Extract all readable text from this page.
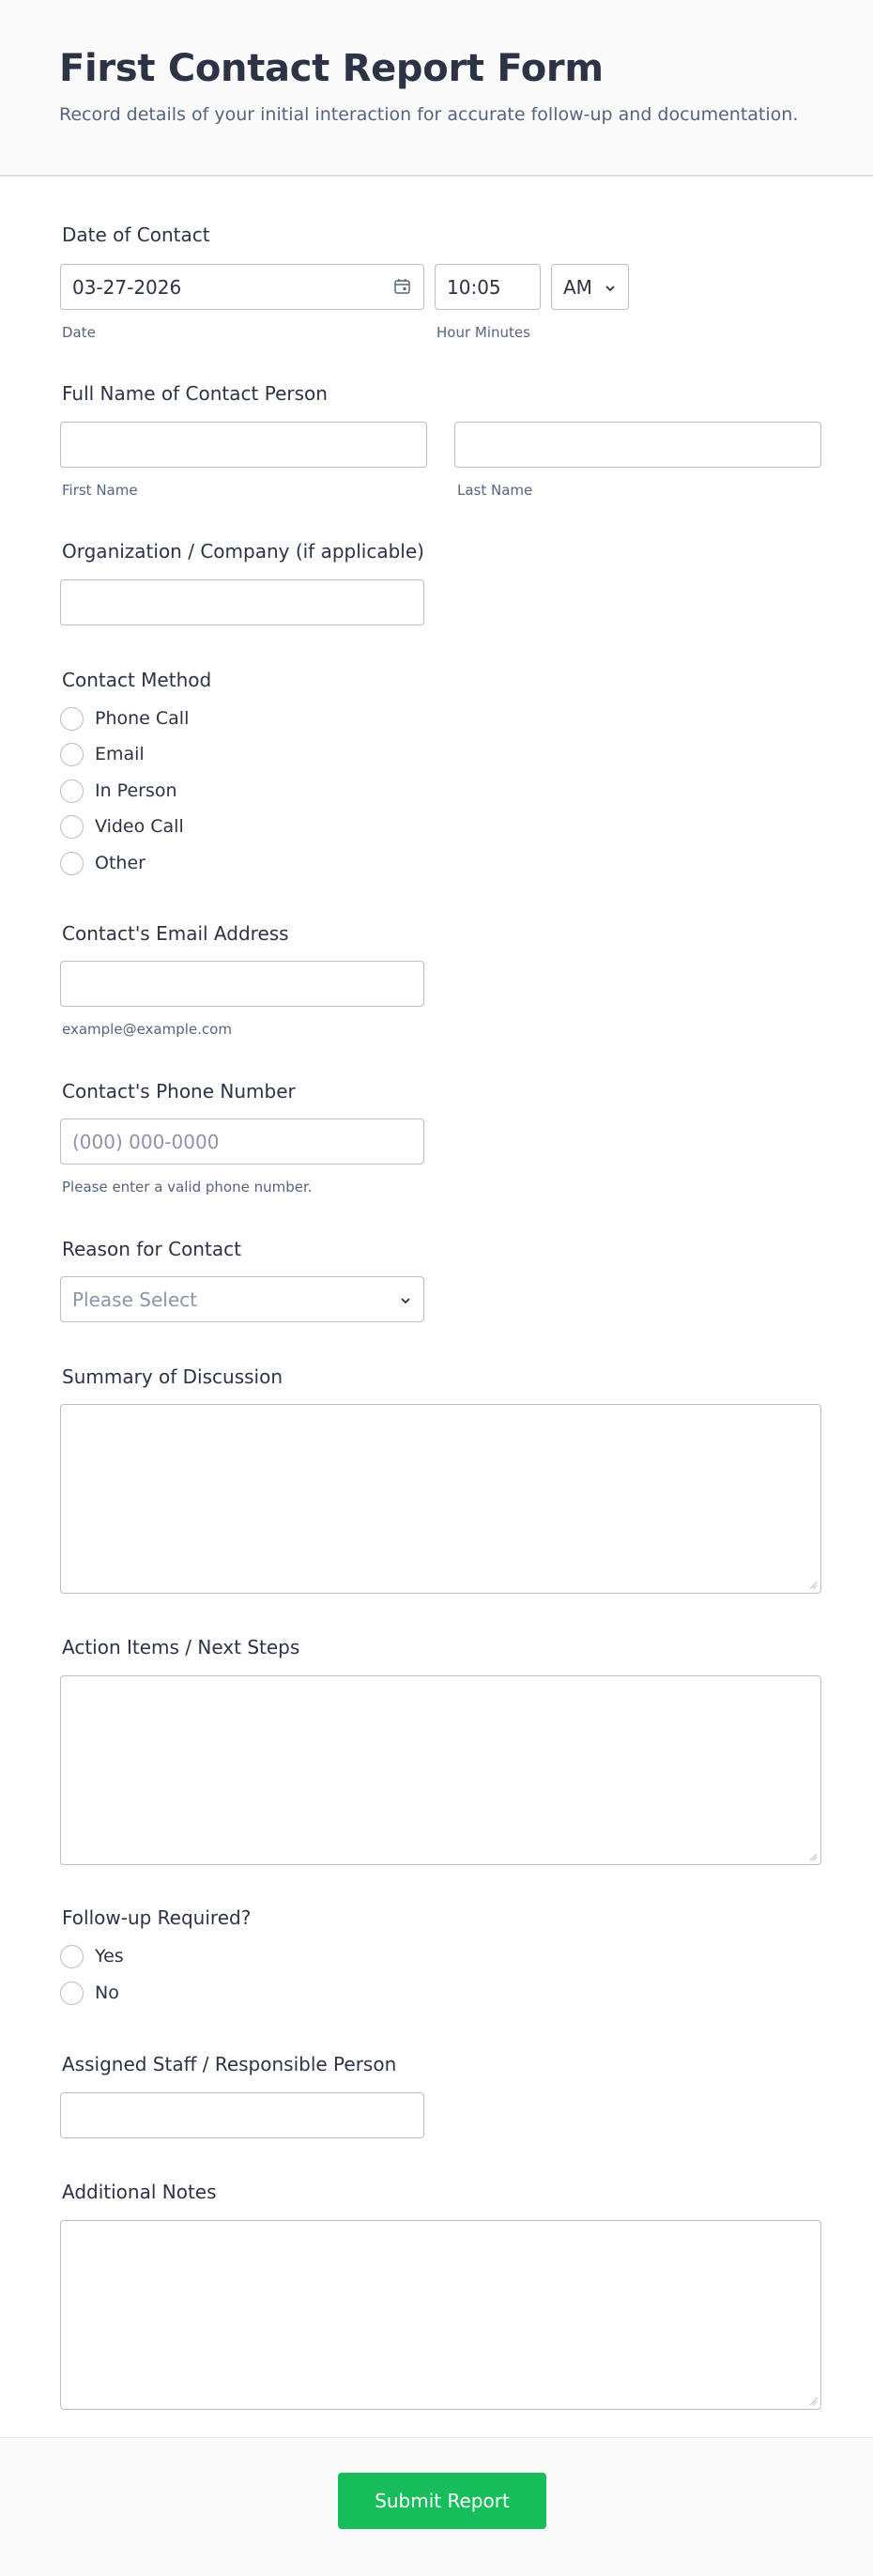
First Contact Report Form
Record details of your initial interaction for accurate follow-up and documentation.
Date of Contact
03-27-2026
Date
10:05
Hour Minutes
AM
Full Name of Contact Person
First Name	Last Name
Organization / Company (if applicable)
Contact Method
Phone Call
Email
In Person
Video Call
Other
Contact's Email Address
example@example.com
Contact's Phone Number
(000) 000-0000
Please enter a valid phone number.
Reason for Contact
Please Select
Summary of Discussion
Action Items / Next Steps
Follow-up Required?
Yes
No
Assigned Staff / Responsible Person
Additional Notes
Submit Report
